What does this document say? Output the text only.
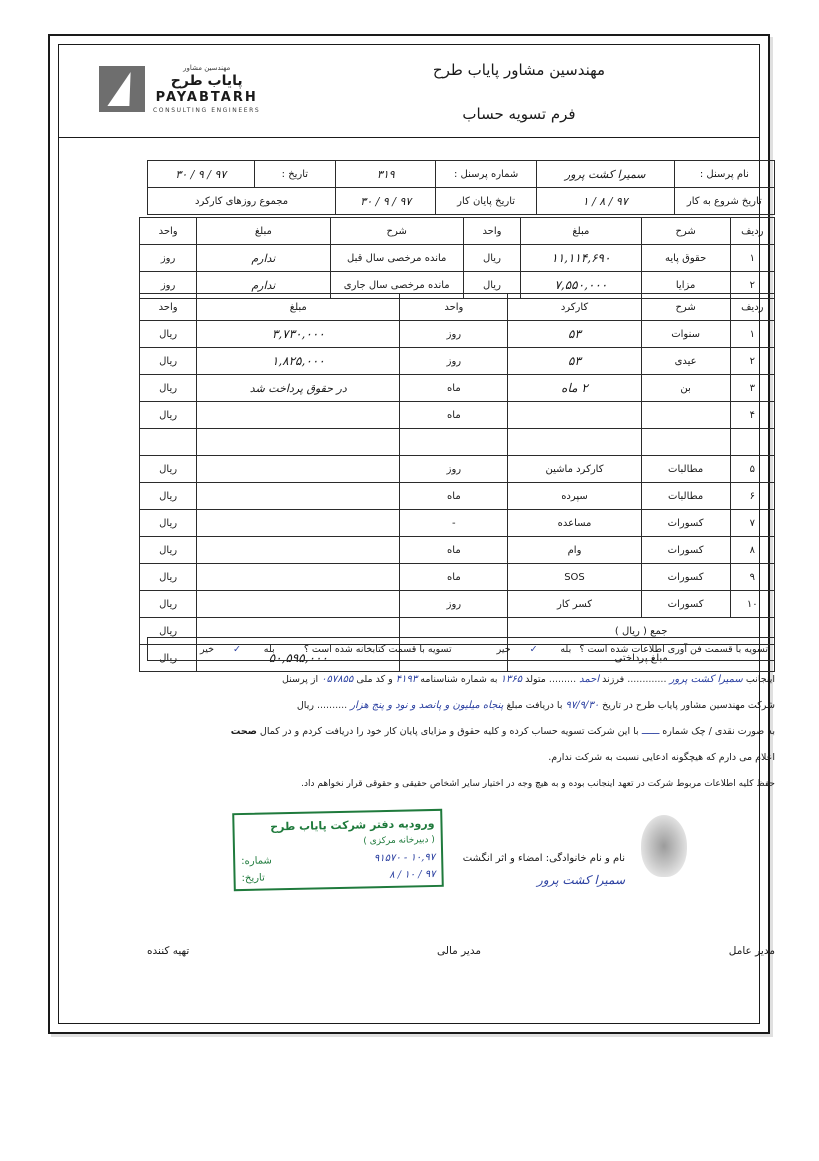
مهندسین مشاور
پایاب طرح
PAYABTARH
CONSULTING ENGINEERS
مهندسین مشاور پایاب طرح
فرم تسویه حساب
نام پرسنل :	سمیرا کشت پرور	شماره پرسنل :	۳۱۹	تاریخ :	۹۷ / ۹ / ۳۰
تاریخ شروع به کار	۹۷ / ۸ / ۱	تاریخ پایان کار	۹۷ / ۹ / ۳۰	مجموع روزهای کارکرد	
ردیف	شرح	مبلغ	واحد	شرح	مبلغ	واحد
۱	حقوق پایه	۱۱,۱۱۴,۶۹۰	ریال	مانده مرخصی سال قبل	ندارم	روز
۲	مزایا	۷,۵۵۰,۰۰۰	ریال	مانده مرخصی سال جاری	ندارم	روز
ردیف	شرح	کارکرد	واحد	مبلغ	واحد
۱	سنوات	۵۳	روز	۳,۷۳۰,۰۰۰	ریال
۲	عیدی	۵۳	روز	۱,۸۲۵,۰۰۰	ریال
۳	بن	۲ ماه	ماه	در حقوق پرداخت شد	ریال
۴			ماه		ریال

۵	مطالبات	کارکرد ماشین	روز		ریال
۶	مطالبات	سپرده	ماه		ریال
۷	کسورات	مساعده	-		ریال
۸	کسورات	وام	ماه		ریال
۹	کسورات	SOS	ماه		ریال
۱۰	کسورات	کسر کار	روز		ریال
جمع ( ریال )					ریال
مبلغ پرداختی				۵۰,۵۹۵,۰۰۰	ریال
تسویه با قسمت فن آوری اطلاعات شده است ؟	بله	✓	خیر	تسویه با قسمت کتابخانه شده است ؟	بله	✓	خیر
اینجانب سمیرا کشت پرور ............. فرزند احمد ......... متولد ۱۳۶۵ به شماره شناسنامه ۴۱۹۳ و کد ملی ۰۵۷۸۵۵ از پرسنل
شرکت مهندسین مشاور پایاب طرح در تاریخ ۹۷/۹/۳۰ با دریافت مبلغ پنجاه میلیون و پانصد و نود و پنج هزار .......... ریال
به صورت نقدی / چک شماره ــــــ با این شرکت تسویه حساب کرده و کلیه حقوق و مزایای پایان کار خود را دریافت کردم و در کمال صحت
اعلام می دارم که هیچگونه ادعایی نسبت به شرکت ندارم.
حفظ کلیه اطلاعات مربوط شرکت در تعهد اینجانب بوده و به هیچ وجه در اختیار سایر اشخاص حقیقی و حقوقی قرار نخواهم داد.
نام و نام خانوادگی: امضاء و اثر انگشت
سمیرا کشت پرور
ورودیه دفتر شرکت پایاب طرح
( دبیرخانه مرکزی )
۱۰,۹۷ - ۹۱۵۷۰
شماره:
۹۷ / ۱۰ / ۸
تاریخ:
مدیر عامل
مدیر مالی
تهیه کننده
